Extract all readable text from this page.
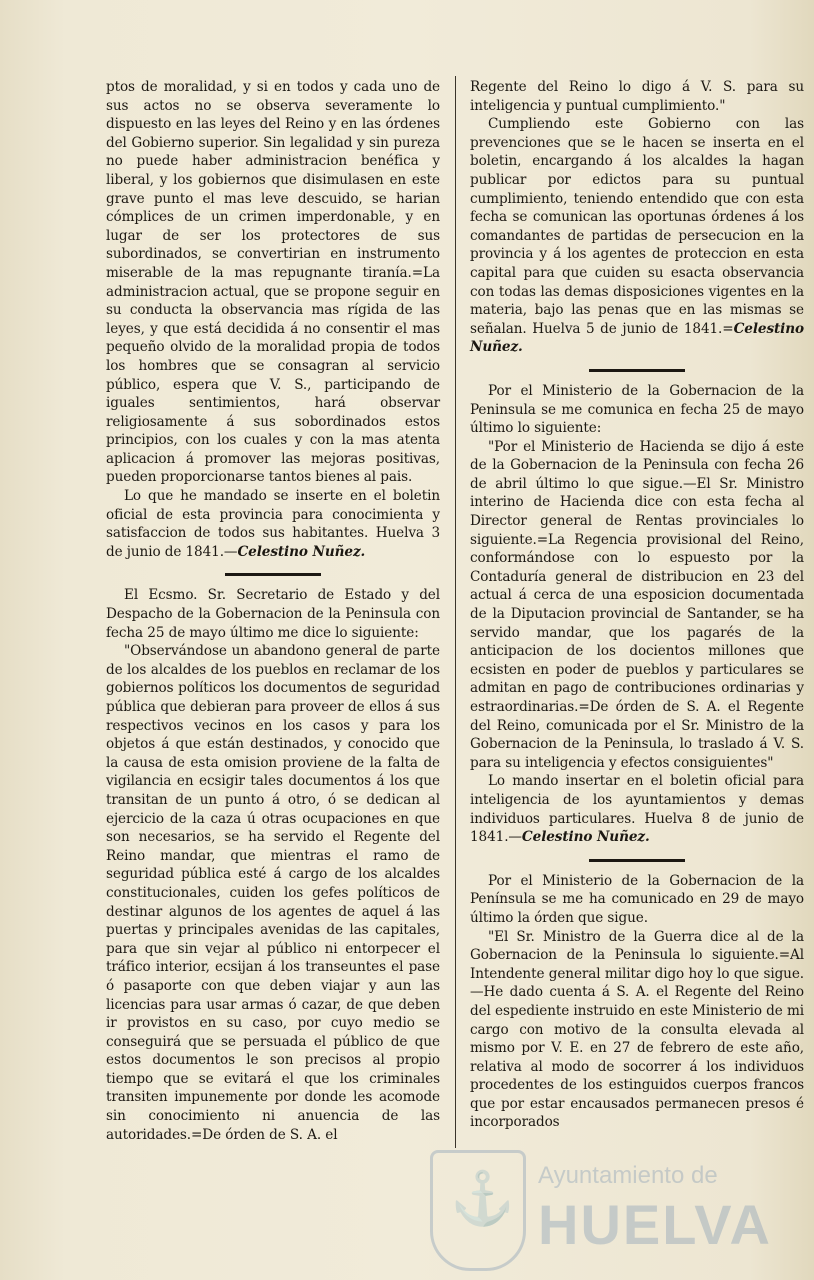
ptos de moralidad, y si en todos y cada uno de sus actos no se observa severamente lo dispuesto en las leyes del Reino y en las órdenes del Gobierno superior. Sin legalidad y sin pureza no puede haber administracion benéfica y liberal, y los gobiernos que disimulasen en este grave punto el mas leve descuido, se harian cómplices de un crimen imperdonable, y en lugar de ser los protectores de sus subordinados, se convertirian en instrumento miserable de la mas repugnante tiranía.=La administracion actual, que se propone seguir en su conducta la observancia mas rígida de las leyes, y que está decidida á no consentir el mas pequeño olvido de la moralidad propia de todos los hombres que se consagran al servicio público, espera que V. S., participando de iguales sentimientos, hará observar religiosamente á sus sobordinados estos principios, con los cuales y con la mas atenta aplicacion á promover las mejoras positivas, pueden proporcionarse tantos bienes al pais.

Lo que he mandado se inserte en el boletin oficial de esta provincia para conocimienta y satisfaccion de todos sus habitantes. Huelva 3 de junio de 1841.—Celestino Nuñez.

El Ecsmo. Sr. Secretario de Estado y del Despacho de la Gobernacion de la Peninsula con fecha 25 de mayo último me dice lo siguiente:

"Observándose un abandono general de parte de los alcaldes de los pueblos en reclamar de los gobiernos políticos los documentos de seguridad pública que debieran para proveer de ellos á sus respectivos vecinos en los casos y para los objetos á que están destinados, y conocido que la causa de esta omision proviene de la falta de vigilancia en ecsigir tales documentos á los que transitan de un punto á otro, ó se dedican al ejercicio de la caza ú otras ocupaciones en que son necesarios, se ha servido el Regente del Reino mandar, que mientras el ramo de seguridad pública esté á cargo de los alcaldes constitucionales, cuiden los gefes políticos de destinar algunos de los agentes de aquel á las puertas y principales avenidas de las capitales, para que sin vejar al público ni entorpecer el tráfico interior, ecsijan á los transeuntes el pase ó pasaporte con que deben viajar y aun las licencias para usar armas ó cazar, de que deben ir provistos en su caso, por cuyo medio se conseguirá que se persuada el público de que estos documentos le son precisos al propio tiempo que se evitará el que los criminales transiten impunemente por donde les acomode sin conocimiento ni anuencia de las autoridades.=De órden de S. A. el

Regente del Reino lo digo á V. S. para su inteligencia y puntual cumplimiento."

Cumpliendo este Gobierno con las prevenciones que se le hacen se inserta en el boletin, encargando á los alcaldes la hagan publicar por edictos para su puntual cumplimiento, teniendo entendido que con esta fecha se comunican las oportunas órdenes á los comandantes de partidas de persecucion en la provincia y á los agentes de proteccion en esta capital para que cuiden su esacta observancia con todas las demas disposiciones vigentes en la materia, bajo las penas que en las mismas se señalan. Huelva 5 de junio de 1841.=Celestino Nuñez.

Por el Ministerio de la Gobernacion de la Peninsula se me comunica en fecha 25 de mayo último lo siguiente:

"Por el Ministerio de Hacienda se dijo á este de la Gobernacion de la Peninsula con fecha 26 de abril último lo que sigue.—El Sr. Ministro interino de Hacienda dice con esta fecha al Director general de Rentas provinciales lo siguiente.=La Regencia provisional del Reino, conformándose con lo espuesto por la Contaduría general de distribucion en 23 del actual á cerca de una esposicion documentada de la Diputacion provincial de Santander, se ha servido mandar, que los pagarés de la anticipacion de los docientos millones que ecsisten en poder de pueblos y particulares se admitan en pago de contribuciones ordinarias y estraordinarias.=De órden de S. A. el Regente del Reino, comunicada por el Sr. Ministro de la Gobernacion de la Peninsula, lo traslado á V. S. para su inteligencia y efectos consiguientes"

Lo mando insertar en el boletin oficial para inteligencia de los ayuntamientos y demas individuos particulares. Huelva 8 de junio de 1841.—Celestino Nuñez.

Por el Ministerio de la Gobernacion de la Península se me ha comunicado en 29 de mayo último la órden que sigue.

"El Sr. Ministro de la Guerra dice al de la Gobernacion de la Peninsula lo siguiente.=Al Intendente general militar digo hoy lo que sigue.—He dado cuenta á S. A. el Regente del Reino del espediente instruido en este Ministerio de mi cargo con motivo de la consulta elevada al mismo por V. E. en 27 de febrero de este año, relativa al modo de socorrer á los individuos procedentes de los estinguidos cuerpos francos que por estar encausados permanecen presos é incorporados

⚓ Ayuntamiento de
HUELVA
